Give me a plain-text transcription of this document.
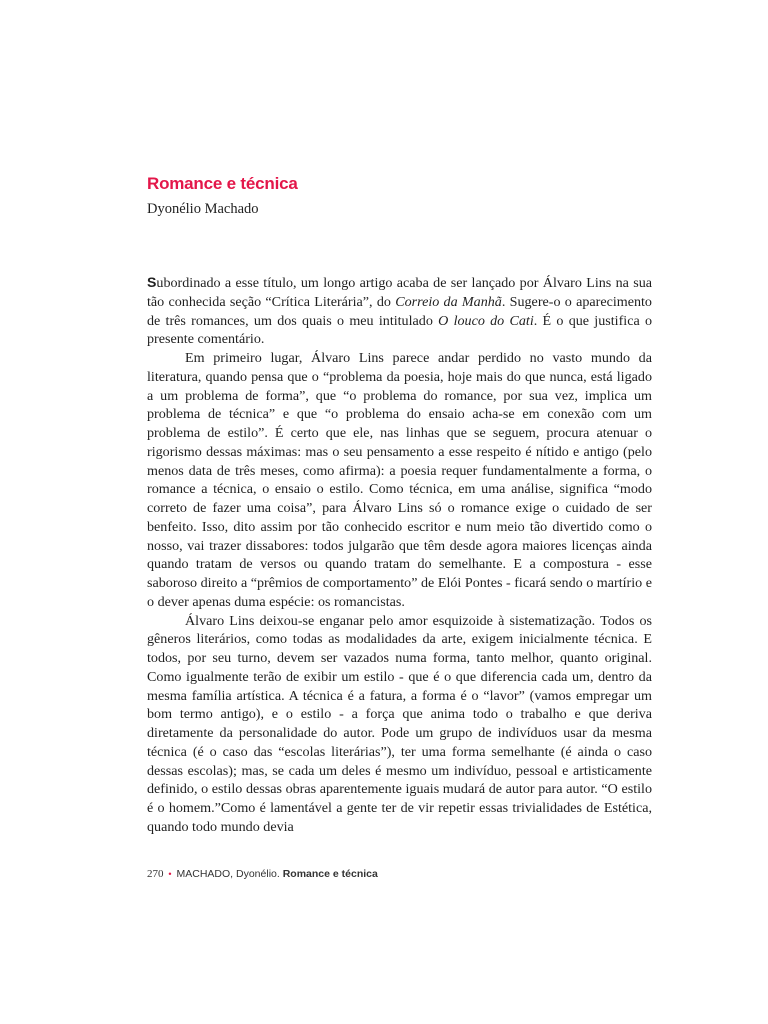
Romance e técnica
Dyonélio Machado

Subordinado a esse título, um longo artigo acaba de ser lançado por Álvaro Lins na sua tão conhecida seção “Crítica Literária”, do Correio da Manhã. Sugere-o o aparecimento de três romances, um dos quais o meu intitulado O louco do Cati. É o que justifica o presente comentário.

Em primeiro lugar, Álvaro Lins parece andar perdido no vasto mundo da literatura, quando pensa que o “problema da poesia, hoje mais do que nunca, está ligado a um problema de forma”, que “o problema do romance, por sua vez, implica um problema de técnica” e que “o problema do ensaio acha-se em conexão com um problema de estilo”. É certo que ele, nas linhas que se seguem, procura atenuar o rigorismo dessas máximas: mas o seu pensamento a esse respeito é nítido e antigo (pelo menos data de três meses, como afirma): a poesia requer fundamentalmente a forma, o romance a técnica, o ensaio o estilo. Como técnica, em uma análise, significa “modo correto de fazer uma coisa”, para Álvaro Lins só o romance exige o cuidado de ser benfeito. Isso, dito assim por tão conhecido escritor e num meio tão divertido como o nosso, vai trazer dissabores: todos julgarão que têm desde agora maiores licenças ainda quando tratam de versos ou quando tratam do semelhante. E a compostura - esse saboroso direito a “prêmios de comportamento” de Elói Pontes - ficará sendo o martírio e o dever apenas duma espécie: os romancistas.

Álvaro Lins deixou-se enganar pelo amor esquizoide à sistematização. Todos os gêneros literários, como todas as modalidades da arte, exigem inicialmente técnica. E todos, por seu turno, devem ser vazados numa forma, tanto melhor, quanto original. Como igualmente terão de exibir um estilo - que é o que diferencia cada um, dentro da mesma família artística. A técnica é a fatura, a forma é o “lavor” (vamos empregar um bom termo antigo), e o estilo - a força que anima todo o trabalho e que deriva diretamente da personalidade do autor. Pode um grupo de indivíduos usar da mesma técnica (é o caso das “escolas literárias”), ter uma forma semelhante (é ainda o caso dessas escolas); mas, se cada um deles é mesmo um indivíduo, pessoal e artisticamente definido, o estilo dessas obras aparentemente iguais mudará de autor para autor. “O estilo é o homem.”Como é lamentável a gente ter de vir repetir essas trivialidades de Estética, quando todo mundo devia

270 • MACHADO, Dyonélio. Romance e técnica
